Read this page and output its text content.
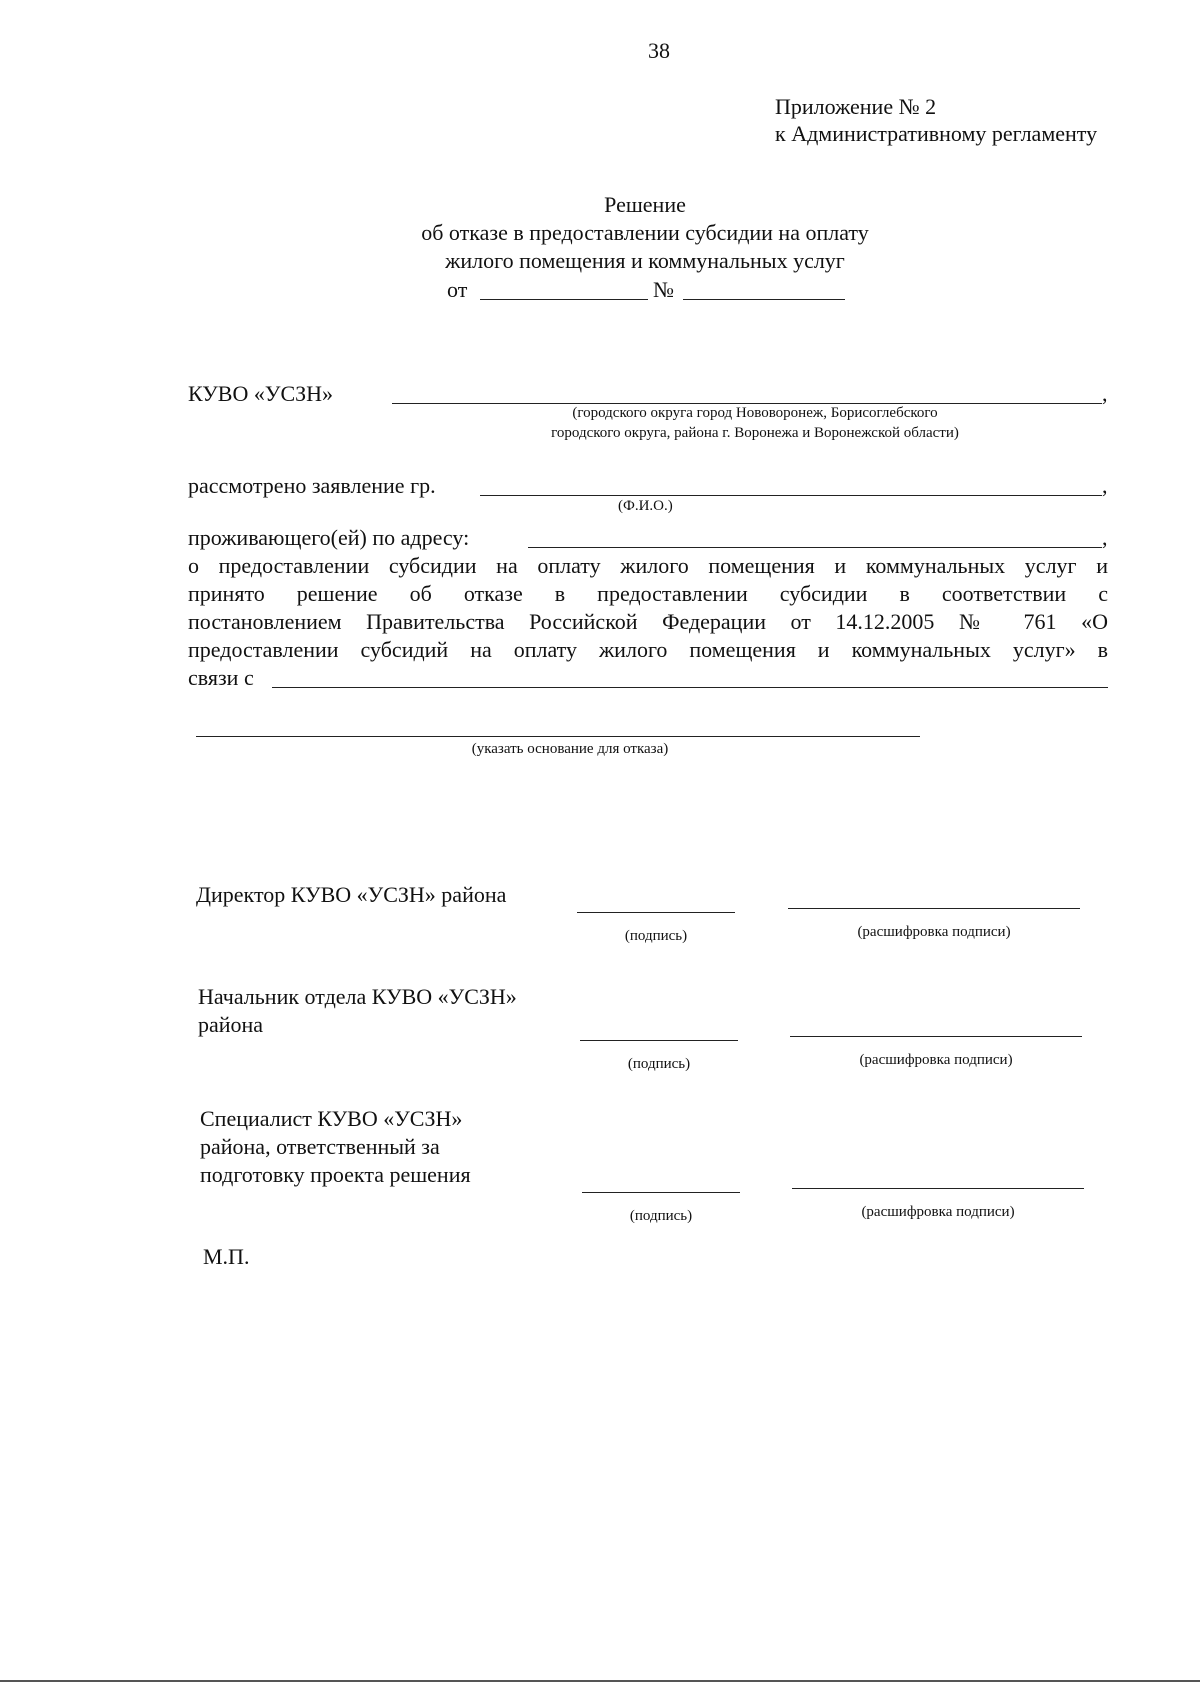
38
Приложение № 2
к Административному регламенту
Решение
об отказе в предоставлении субсидии на оплату
жилого помещения и коммунальных услуг
от	№
КУВО «УСЗН»	,
(городского округа город Нововоронеж, Борисоглебского
городского округа, района г. Воронежа и Воронежской области)
рассмотрено заявление гр.	,
(Ф.И.О.)
проживающего(ей) по адресу:	,
о предоставлении субсидии на оплату жилого помещения и коммунальных услуг и
принято решение об отказе в предоставлении субсидии в соответствии с
постановлением Правительства Российской Федерации от 14.12.2005 № 761 «О
предоставлении субсидий на оплату жилого помещения и коммунальных услуг» в
связи с
(указать основание для отказа)
Директор КУВО «УСЗН» района
(подпись)	(расшифровка подписи)
Начальник отдела КУВО «УСЗН»
района
(подпись)	(расшифровка подписи)
Специалист КУВО «УСЗН»
района, ответственный за
подготовку проекта решения
(подпись)	(расшифровка подписи)
М.П.
